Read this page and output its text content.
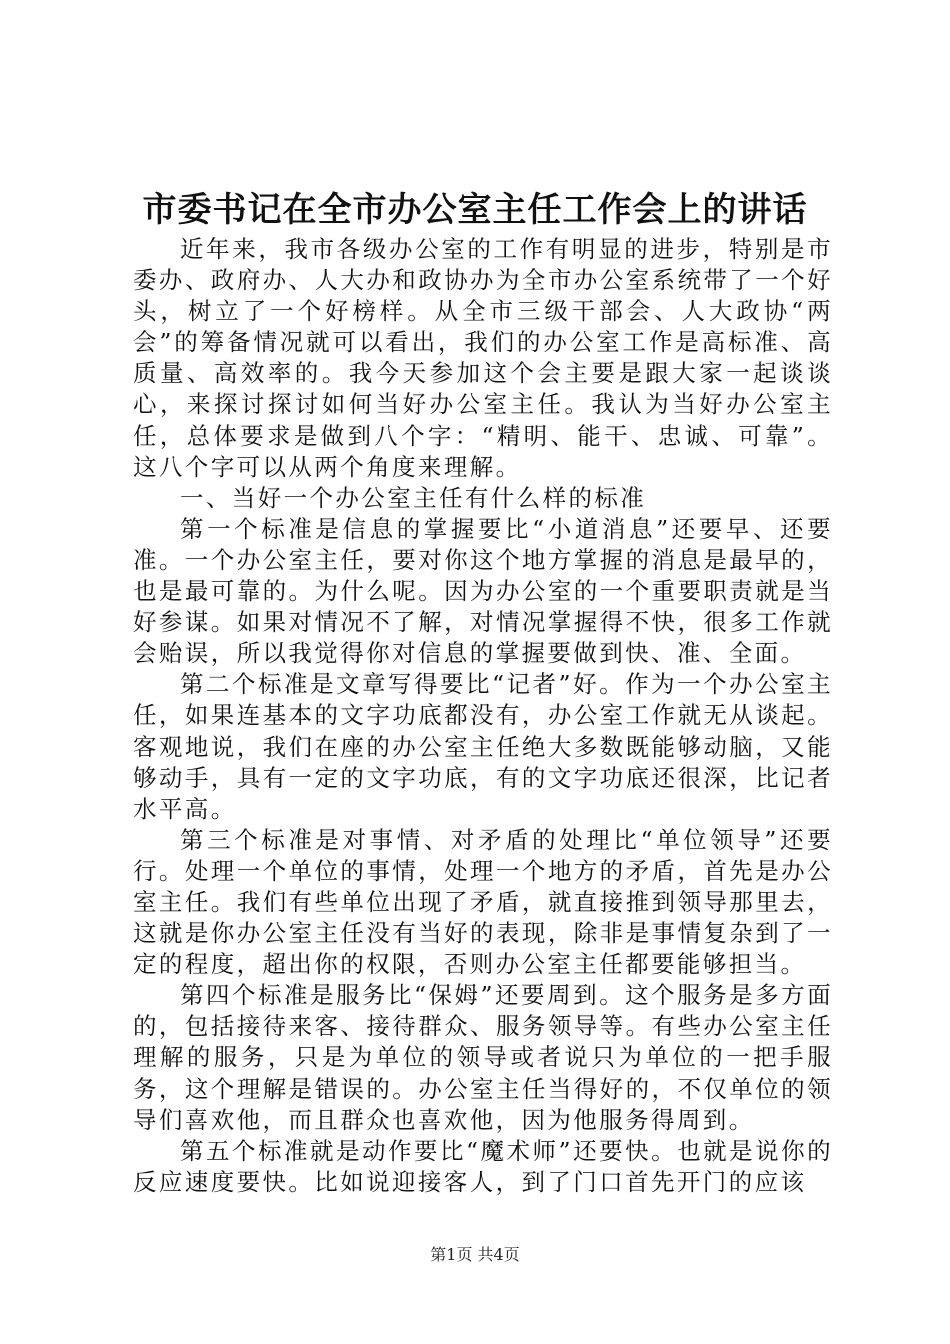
市委书记在全市办公室主任工作会上的讲话

近年来，我市各级办公室的工作有明显的进步，特别是市委办、政府办、人大办和政协办为全市办公室系统带了一个好头，树立了一个好榜样。从全市三级干部会、人大政协“两会”的筹备情况就可以看出，我们的办公室工作是高标准、高质量、高效率的。我今天参加这个会主要是跟大家一起谈谈心，来探讨探讨如何当好办公室主任。我认为当好办公室主任，总体要求是做到八个字：“精明、能干、忠诚、可靠”。这八个字可以从两个角度来理解。

一、当好一个办公室主任有什么样的标准

第一个标准是信息的掌握要比“小道消息”还要早、还要准。一个办公室主任，要对你这个地方掌握的消息是最早的，也是最可靠的。为什么呢。因为办公室的一个重要职责就是当好参谋。如果对情况不了解，对情况掌握得不快，很多工作就会贻误，所以我觉得你对信息的掌握要做到快、准、全面。

第二个标准是文章写得要比“记者”好。作为一个办公室主任，如果连基本的文字功底都没有，办公室工作就无从谈起。客观地说，我们在座的办公室主任绝大多数既能够动脑，又能够动手，具有一定的文字功底，有的文字功底还很深，比记者水平高。

第三个标准是对事情、对矛盾的处理比“单位领导”还要行。处理一个单位的事情，处理一个地方的矛盾，首先是办公室主任。我们有些单位出现了矛盾，就直接推到领导那里去，这就是你办公室主任没有当好的表现，除非是事情复杂到了一定的程度，超出你的权限，否则办公室主任都要能够担当。

第四个标准是服务比“保姆”还要周到。这个服务是多方面的，包括接待来客、接待群众、服务领导等。有些办公室主任理解的服务，只是为单位的领导或者说只为单位的一把手服务，这个理解是错误的。办公室主任当得好的，不仅单位的领导们喜欢他，而且群众也喜欢他，因为他服务得周到。

第五个标准就是动作要比“魔术师”还要快。也就是说你的反应速度要快。比如说迎接客人，到了门口首先开门的应该

第1页 共4页
